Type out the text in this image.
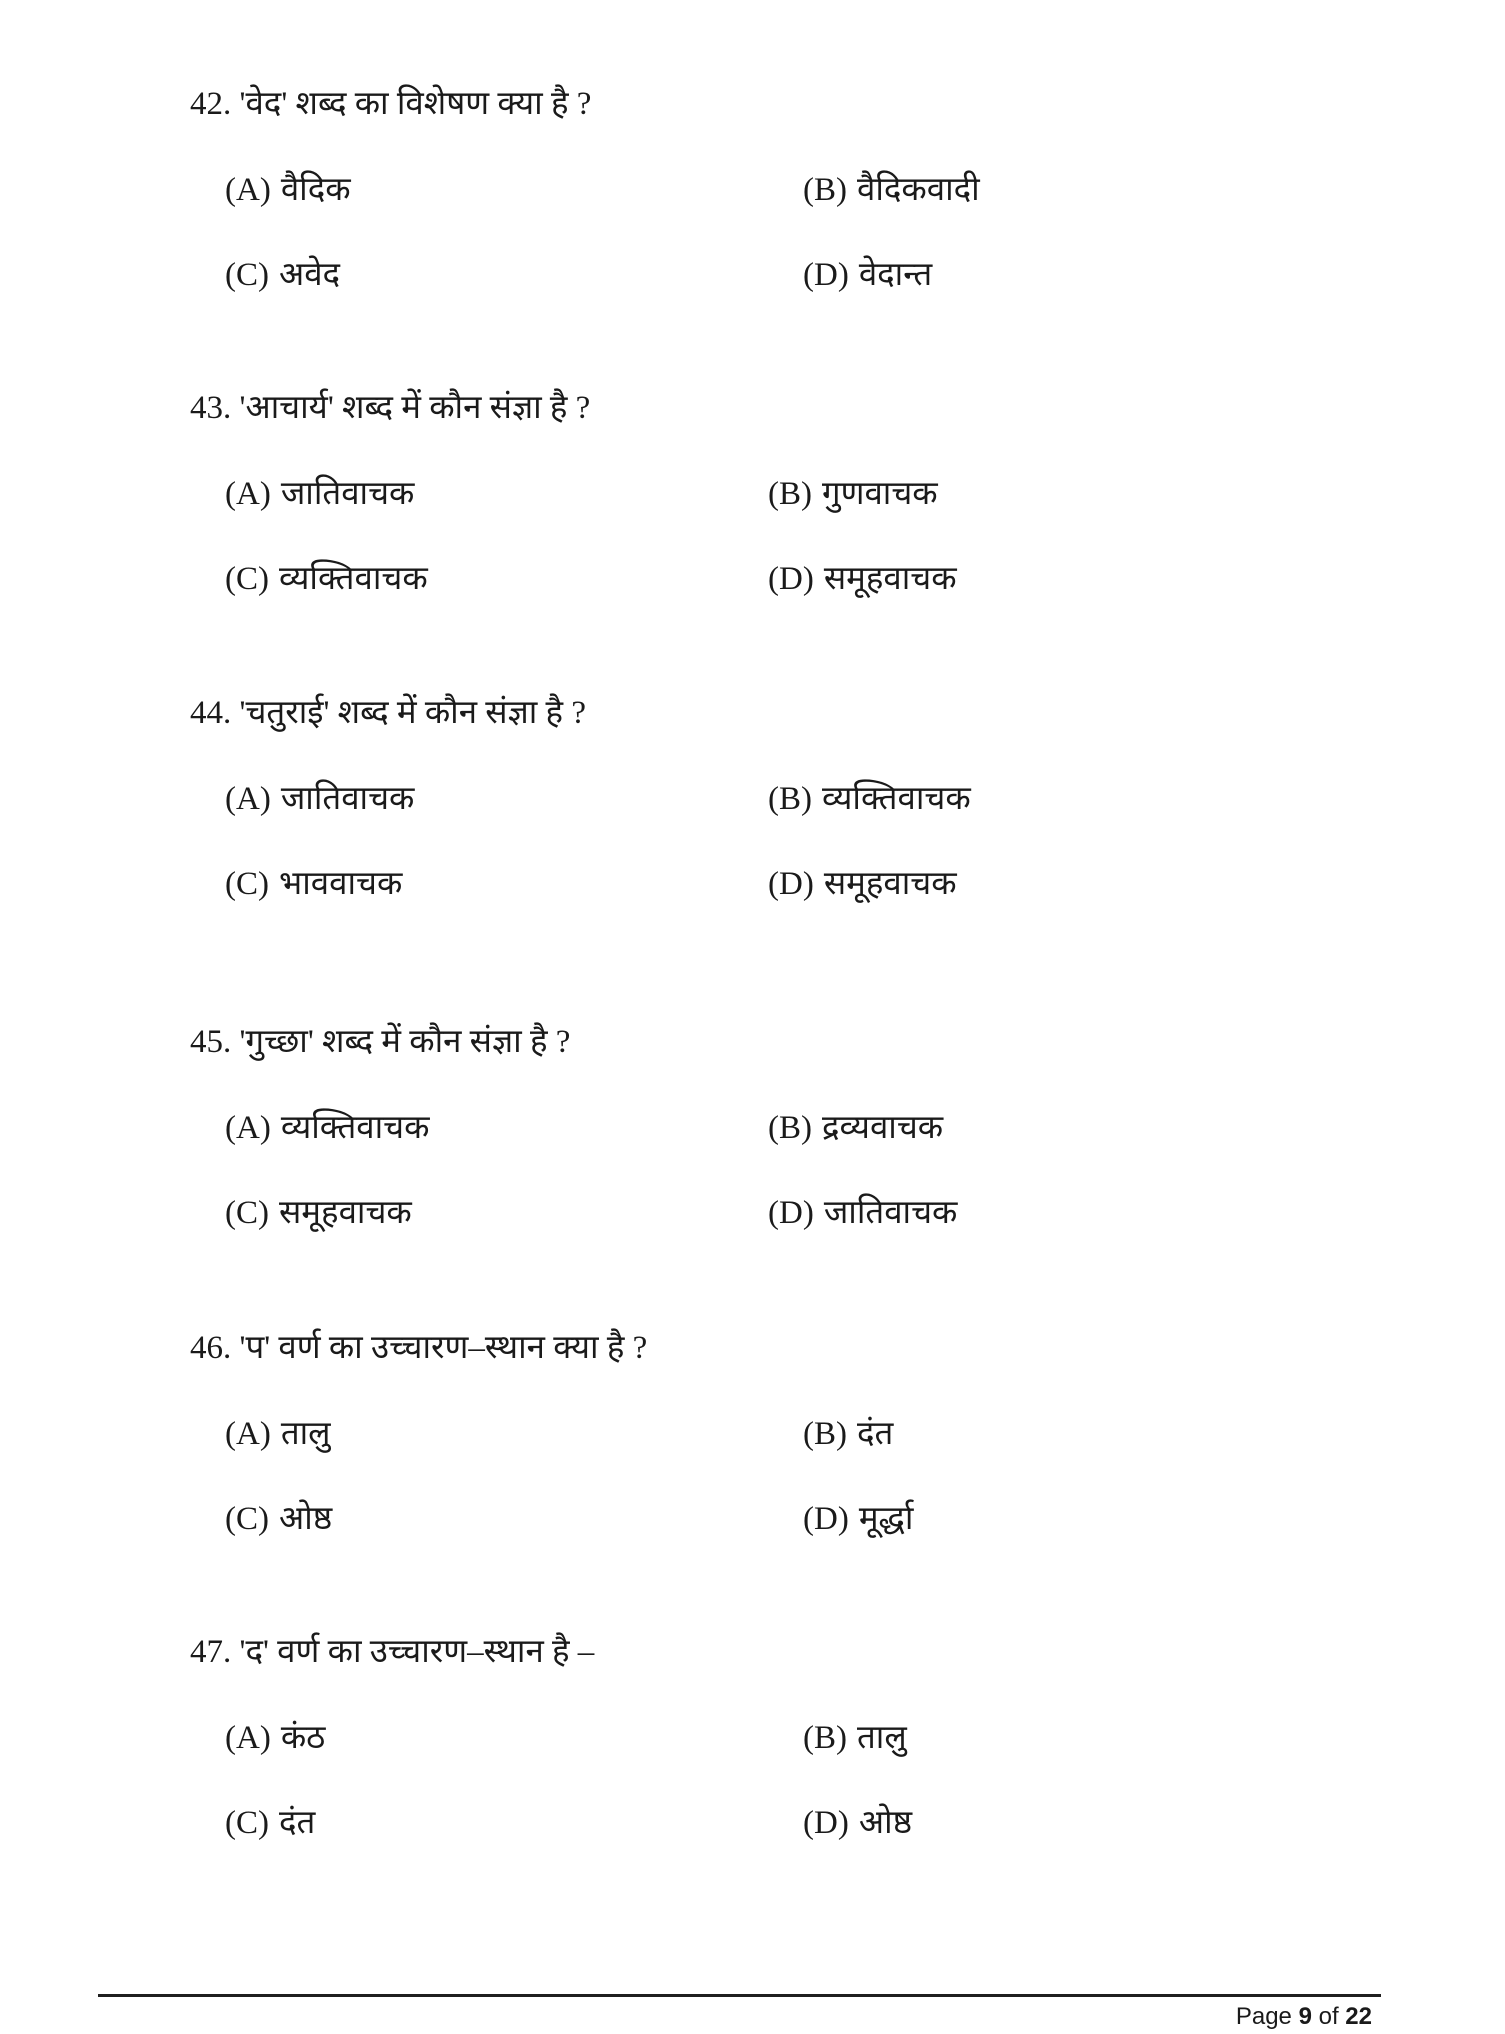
42. 'वेद' शब्द का विशेषण क्या है ?
(A) वैदिक	(B) वैदिकवादी
(C) अवेद	(D) वेदान्त
43. 'आचार्य' शब्द में कौन संज्ञा है ?
(A) जातिवाचक	(B) गुणवाचक
(C) व्यक्तिवाचक	(D) समूहवाचक
44. 'चतुराई' शब्द में कौन संज्ञा है ?
(A) जातिवाचक	(B) व्यक्तिवाचक
(C) भाववाचक	(D) समूहवाचक
45. 'गुच्छा' शब्द में कौन संज्ञा है ?
(A) व्यक्तिवाचक	(B) द्रव्यवाचक
(C) समूहवाचक	(D) जातिवाचक
46. 'प' वर्ण का उच्चारण–स्थान क्या है ?
(A) तालु	(B) दंत
(C) ओष्ठ	(D) मूर्द्धा
47. 'द' वर्ण का उच्चारण–स्थान है –
(A) कंठ	(B) तालु
(C) दंत	(D) ओष्ठ
Page 9 of 22
